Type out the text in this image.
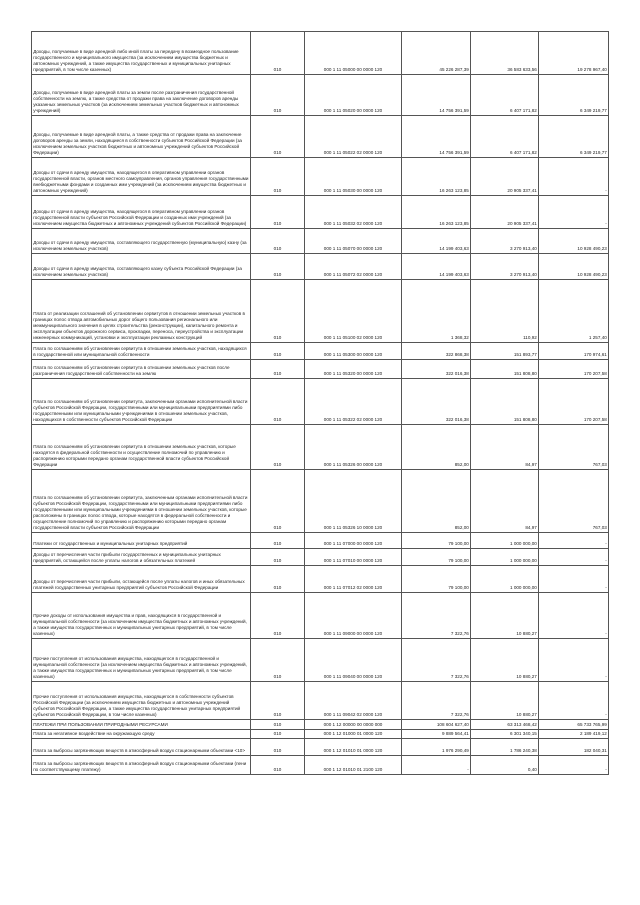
Доходы, получаемые в виде арендной либо иной платы за передачу в возмездное пользование государственного и муниципального имущества (за исключением имущества бюджетных и автономных учреждений, а также имущества государственных и муниципальных унитарных предприятий, в том числе казенных)	010	000 1 11 05000 00 0000 120	45 226 287,39	36 583 633,56	19 278 967,40
Доходы, получаемые в виде арендной платы за земли после разграничения государственной собственности на землю, а также средства от продажи права на заключение договоров аренды указанных земельных участков (за исключением земельных участков бюджетных и автономных учреждений)	010	000 1 11 05020 00 0000 120	14 756 391,59	6 407 171,82	6 349 219,77
Доходы, получаемые в виде арендной платы, а также средства от продажи права на заключение договоров аренды за земли, находящиеся в собственности субъектов Российской Федерации (за исключением земельных участков бюджетных и автономных учреждений субъектов Российской Федерации)	010	000 1 11 05022 02 0000 120	14 756 391,59	6 407 171,82	6 349 219,77
Доходы от сдачи в аренду имущества, находящегося в оперативном управлении органов государственной власти, органов местного самоуправления, органов управления государственными внебюджетными фондами и созданных ими учреждений (за исключением имущества бюджетных и автономных учреждений)	010	000 1 11 05030 00 0000 120	16 263 123,85	20 905 337,41	-
Доходы от сдачи в аренду имущества, находящегося в оперативном управлении органов государственной власти субъектов Российской Федерации и созданных ими учреждений (за исключением имущества бюджетных и автономных учреждений субъектов Российской Федерации)	010	000 1 11 05032 02 0000 120	16 263 123,85	20 905 337,41	-
Доходы от сдачи в аренду имущества, составляющего государственную (муниципальную) казну (за исключением земельных участков)	010	000 1 11 05070 00 0000 120	14 199 403,63	3 270 913,40	10 928 490,23
Доходы от сдачи в аренду имущества, составляющего казну субъекта Российской Федерации (за исключением земельных участков)	010	000 1 11 05072 02 0000 120	14 199 403,63	3 270 913,40	10 928 490,23
Плата от реализации соглашений об установлении сервитутов в отношении земельных участков в границах полос отвода автомобильных дорог общего пользования регионального или межмуниципального значения в целях строительства (реконструкции), капитального ремонта и эксплуатации объектов дорожного сервиса, прокладки, переноса, переустройства и эксплуатации инженерных коммуникаций, установки и эксплуатации рекламных конструкций	010	000 1 11 05100 02 0000 120	1 368,32	110,92	1 257,40
Плата по соглашениям об установлении сервитута в отношении земельных участков, находящихся в государственной или муниципальной собственности	010	000 1 11 05300 00 0000 120	322 868,38	151 893,77	170 974,61
Плата по соглашениям об установлении сервитута в отношении земельных участков после разграничения государственной собственности на землю	010	000 1 11 05320 00 0000 120	322 016,38	151 808,80	170 207,58
Плата по соглашениям об установлении сервитута, заключенным органами исполнительной власти субъектов Российской Федерации, государственными или муниципальными предприятиями либо государственными или муниципальными учреждениями в отношении земельных участков, находящихся в собственности субъектов Российской Федерации	010	000 1 11 05322 02 0000 120	322 016,38	151 808,80	170 207,58
Плата по соглашениям об установлении сервитута в отношении земельных участков, которые находятся в федеральной собственности и осуществление полномочий по управлению и распоряжению которыми передано органам государственной власти субъектов Российской Федерации	010	000 1 11 05326 00 0000 120	852,00	84,97	767,03
Плата по соглашениям об установлении сервитута, заключенным органами исполнительной власти субъектов Российской Федерации, государственными или муниципальными предприятиями либо государственными или муниципальными учреждениями в отношении земельных участков, которые расположены в границах полос отвода, которые находятся в федеральной собственности и осуществление полномочий по управлению и распоряжению которыми передано органам государственной власти субъектов Российской Федерации	010	000 1 11 05326 10 0000 120	852,00	84,97	767,03
Платежи от государственных и муниципальных унитарных предприятий	010	000 1 11 07000 00 0000 120	79 100,00	1 000 000,00	-
Доходы от перечисления части прибыли государственных и муниципальных унитарных предприятий, остающейся после уплаты налогов и обязательных платежей	010	000 1 11 07010 00 0000 120	79 100,00	1 000 000,00	-
Доходы от перечисления части прибыли, остающейся после уплаты налогов и иных обязательных платежей государственных унитарных предприятий субъектов Российской Федерации	010	000 1 11 07012 02 0000 120	79 100,00	1 000 000,00	-
Прочие доходы от использования имущества и прав, находящихся в государственной и муниципальной собственности (за исключением имущества бюджетных и автономных учреждений, а также имущества государственных и муниципальных унитарных предприятий, в том числе казенных)	010	000 1 11 09000 00 0000 120	7 322,76	10 880,27	-
Прочие поступления от использования имущества, находящегося в государственной и муниципальной собственности (за исключением имущества бюджетных и автономных учреждений, а также имущества государственных и муниципальных унитарных предприятий, в том числе казенных)	010	000 1 11 09040 00 0000 120	7 322,76	10 880,27	-
Прочие поступления от использования имущества, находящегося в собственности субъектов Российской Федерации (за исключением имущества бюджетных и автономных учреждений субъектов Российской Федерации, а также имущества государственных унитарных предприятий субъектов Российской Федерации, в том числе казенных)	010	000 1 11 09042 02 0000 120	7 322,76	10 880,27	-
ПЛАТЕЖИ ПРИ ПОЛЬЗОВАНИИ ПРИРОДНЫМИ РЕСУРСАМИ	010	000 1 12 00000 00 0000 000	108 604 627,40	63 313 468,42	65 733 765,99
Плата за негативное воздействие на окружающую среду	010	000 1 12 01000 01 0000 120	9 889 564,41	6 301 340,15	2 189 419,12
Плата за выбросы загрязняющих веществ в атмосферный воздух стационарными объектами <10>	010	000 1 12 01010 01 0000 120	1 976 290,49	1 786 240,38	182 040,31
Плата за выбросы загрязняющих веществ в атмосферный воздух стационарными объектами (пени по соответствующему платежу)	010	000 1 12 01010 01 2100 120	-	0,40	-
